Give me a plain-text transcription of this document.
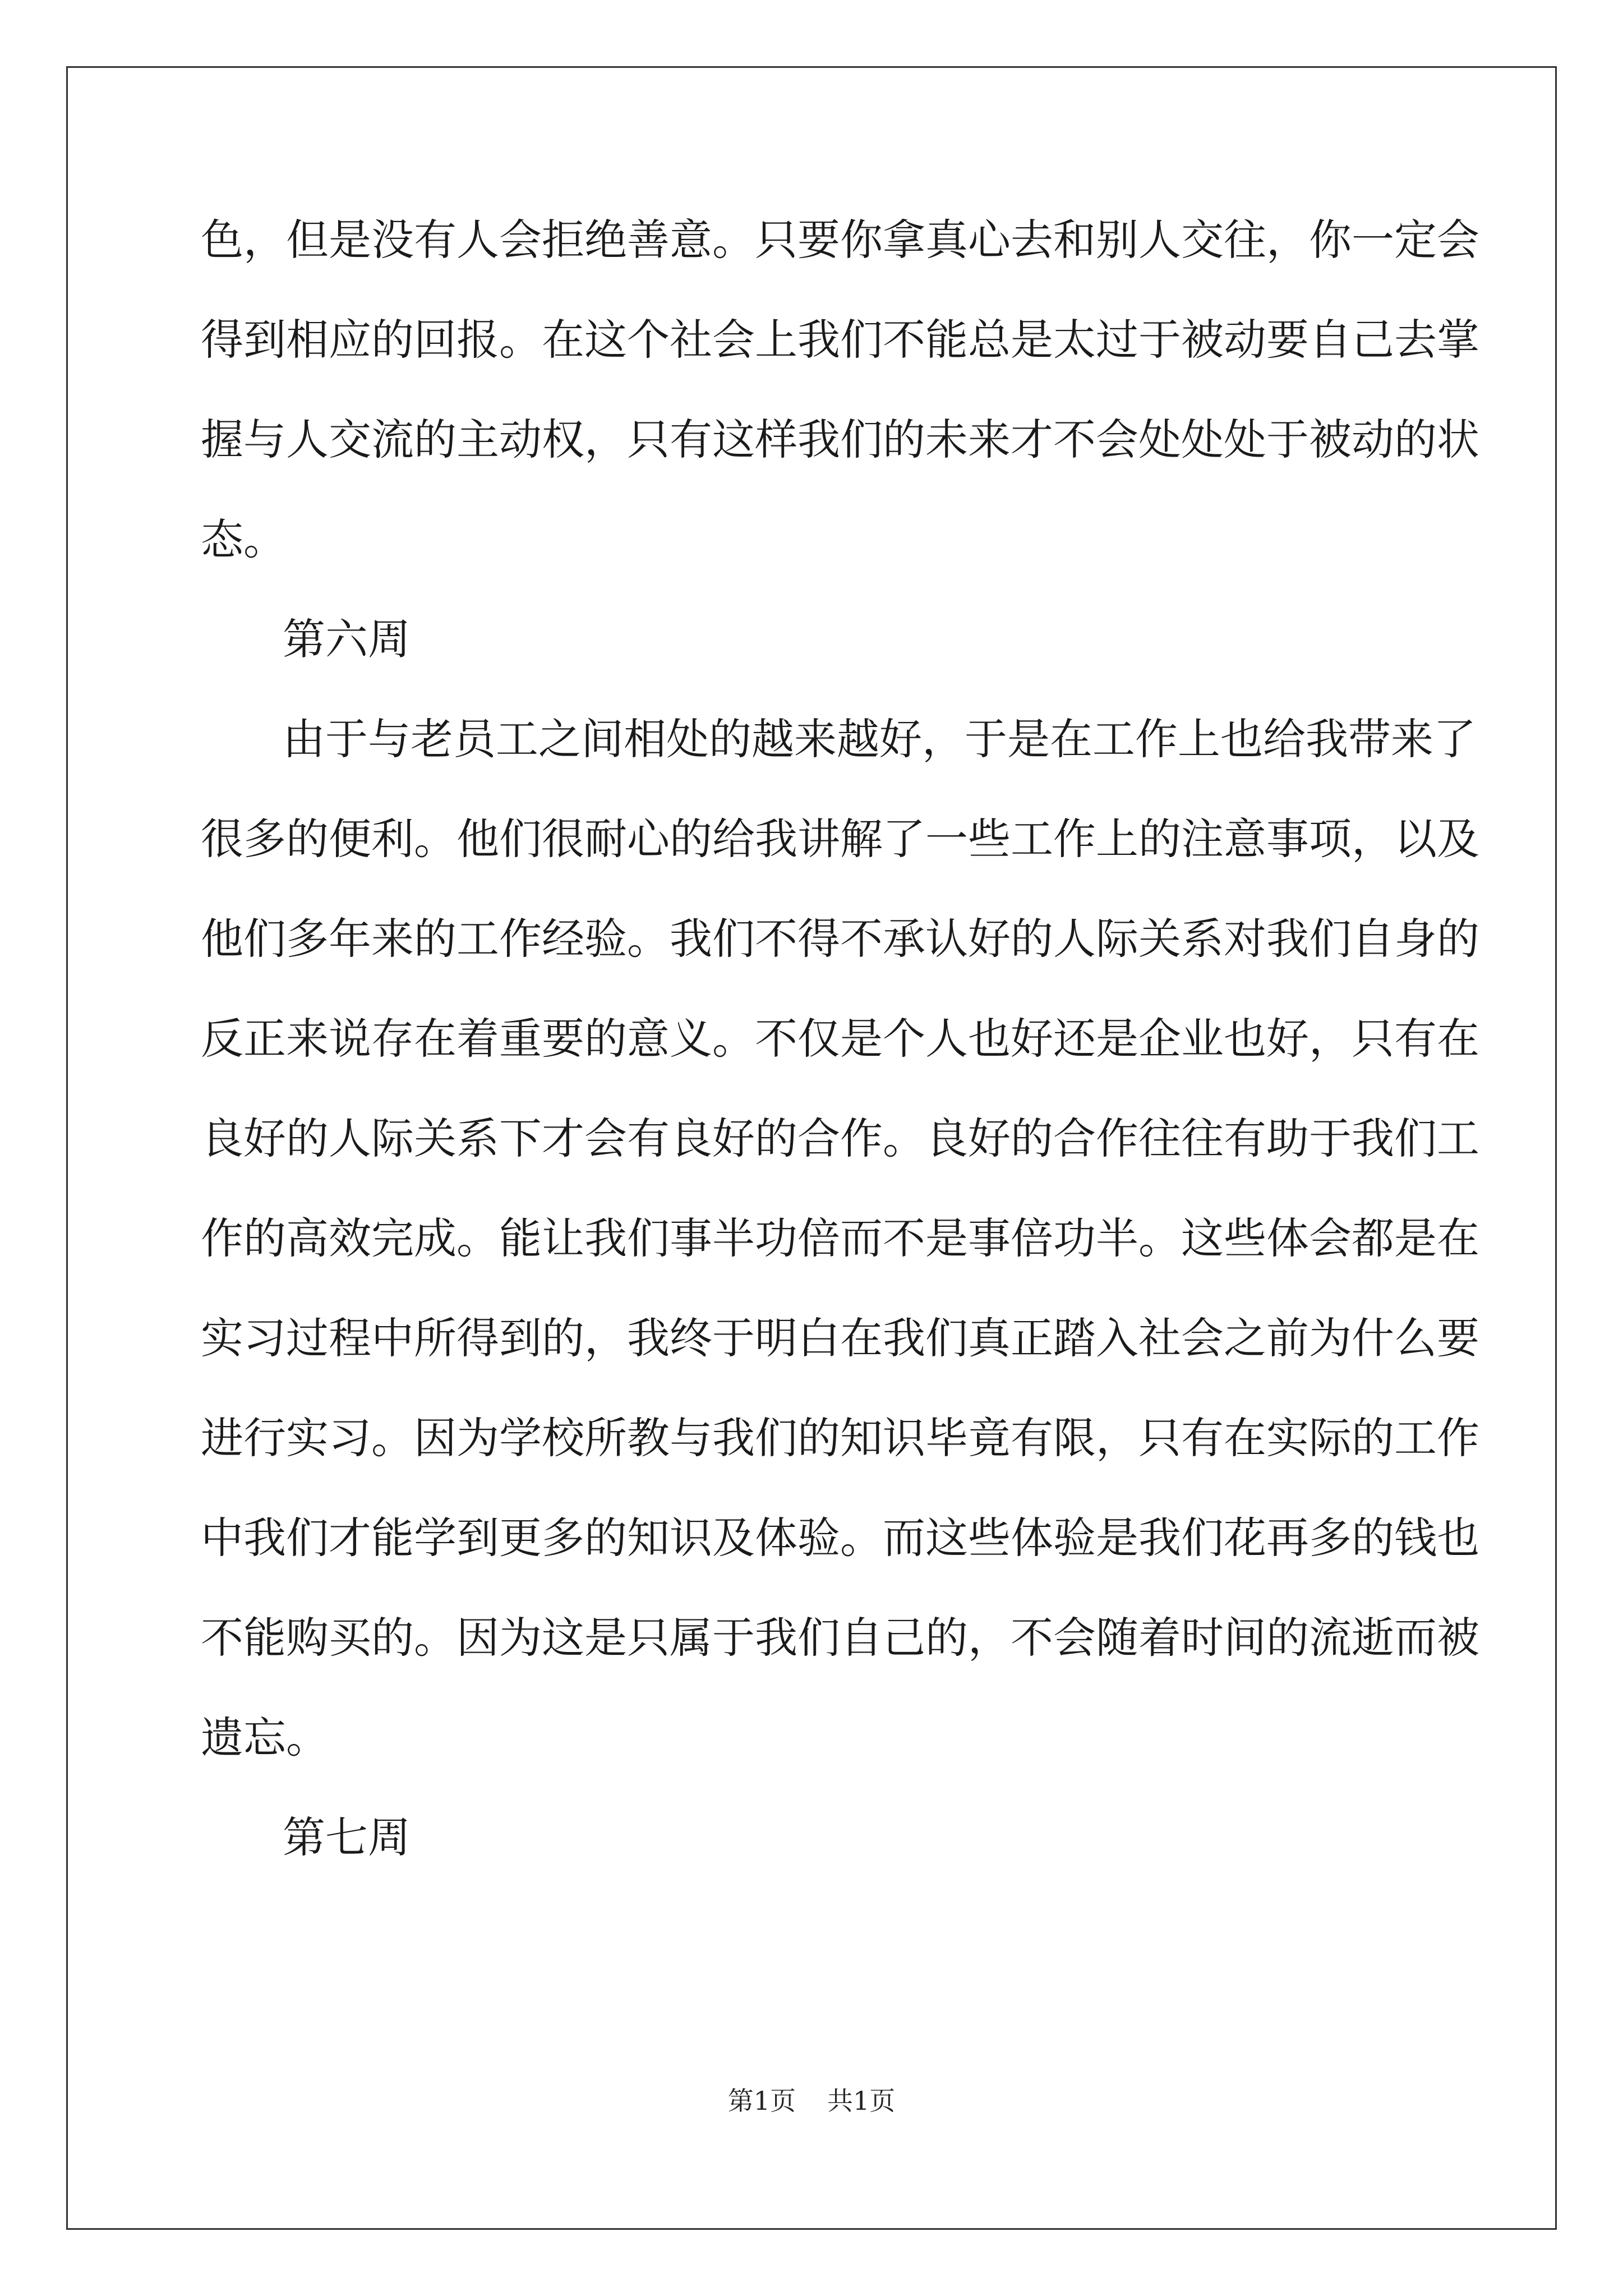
色，但是没有人会拒绝善意。只要你拿真心去和别人交往，你一定会
得到相应的回报。在这个社会上我们不能总是太过于被动要自己去掌
握与人交流的主动权，只有这样我们的未来才不会处处处于被动的状
态。
第六周
由于与老员工之间相处的越来越好，于是在工作上也给我带来了
很多的便利。他们很耐心的给我讲解了一些工作上的注意事项，以及
他们多年来的工作经验。我们不得不承认好的人际关系对我们自身的
反正来说存在着重要的意义。不仅是个人也好还是企业也好，只有在
良好的人际关系下才会有良好的合作。良好的合作往往有助于我们工
作的高效完成。能让我们事半功倍而不是事倍功半。这些体会都是在
实习过程中所得到的，我终于明白在我们真正踏入社会之前为什么要
进行实习。因为学校所教与我们的知识毕竟有限，只有在实际的工作
中我们才能学到更多的知识及体验。而这些体验是我们花再多的钱也
不能购买的。因为这是只属于我们自己的，不会随着时间的流逝而被
遗忘。
第七周
第1页 共1页
